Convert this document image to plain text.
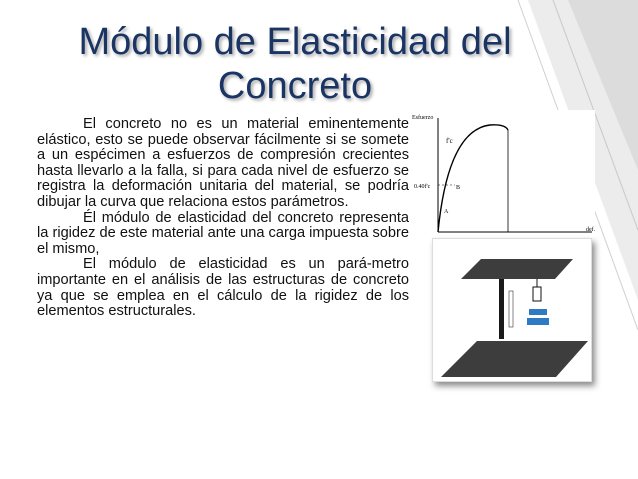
Módulo de Elasticidad del
Concreto

El concreto no es un material eminentemente elástico, esto se puede observar fácilmente si se somete a un espécimen a esfuerzos de compresión crecientes hasta llevarlo a la falla, si para cada nivel de esfuerzo se registra la deformación unitaria del material, se podría dibujar la curva que relaciona estos parámetros.

Él módulo de elasticidad del concreto representa la rigidez de este material ante una carga impuesta sobre el mismo,

El módulo de elasticidad es un pará-metro importante en el análisis de las estructuras de concreto ya que se emplea en el cálculo de la rigidez de los elementos estructurales.

Esfuerzo
def.
f'c
0.40f'c	B
A
